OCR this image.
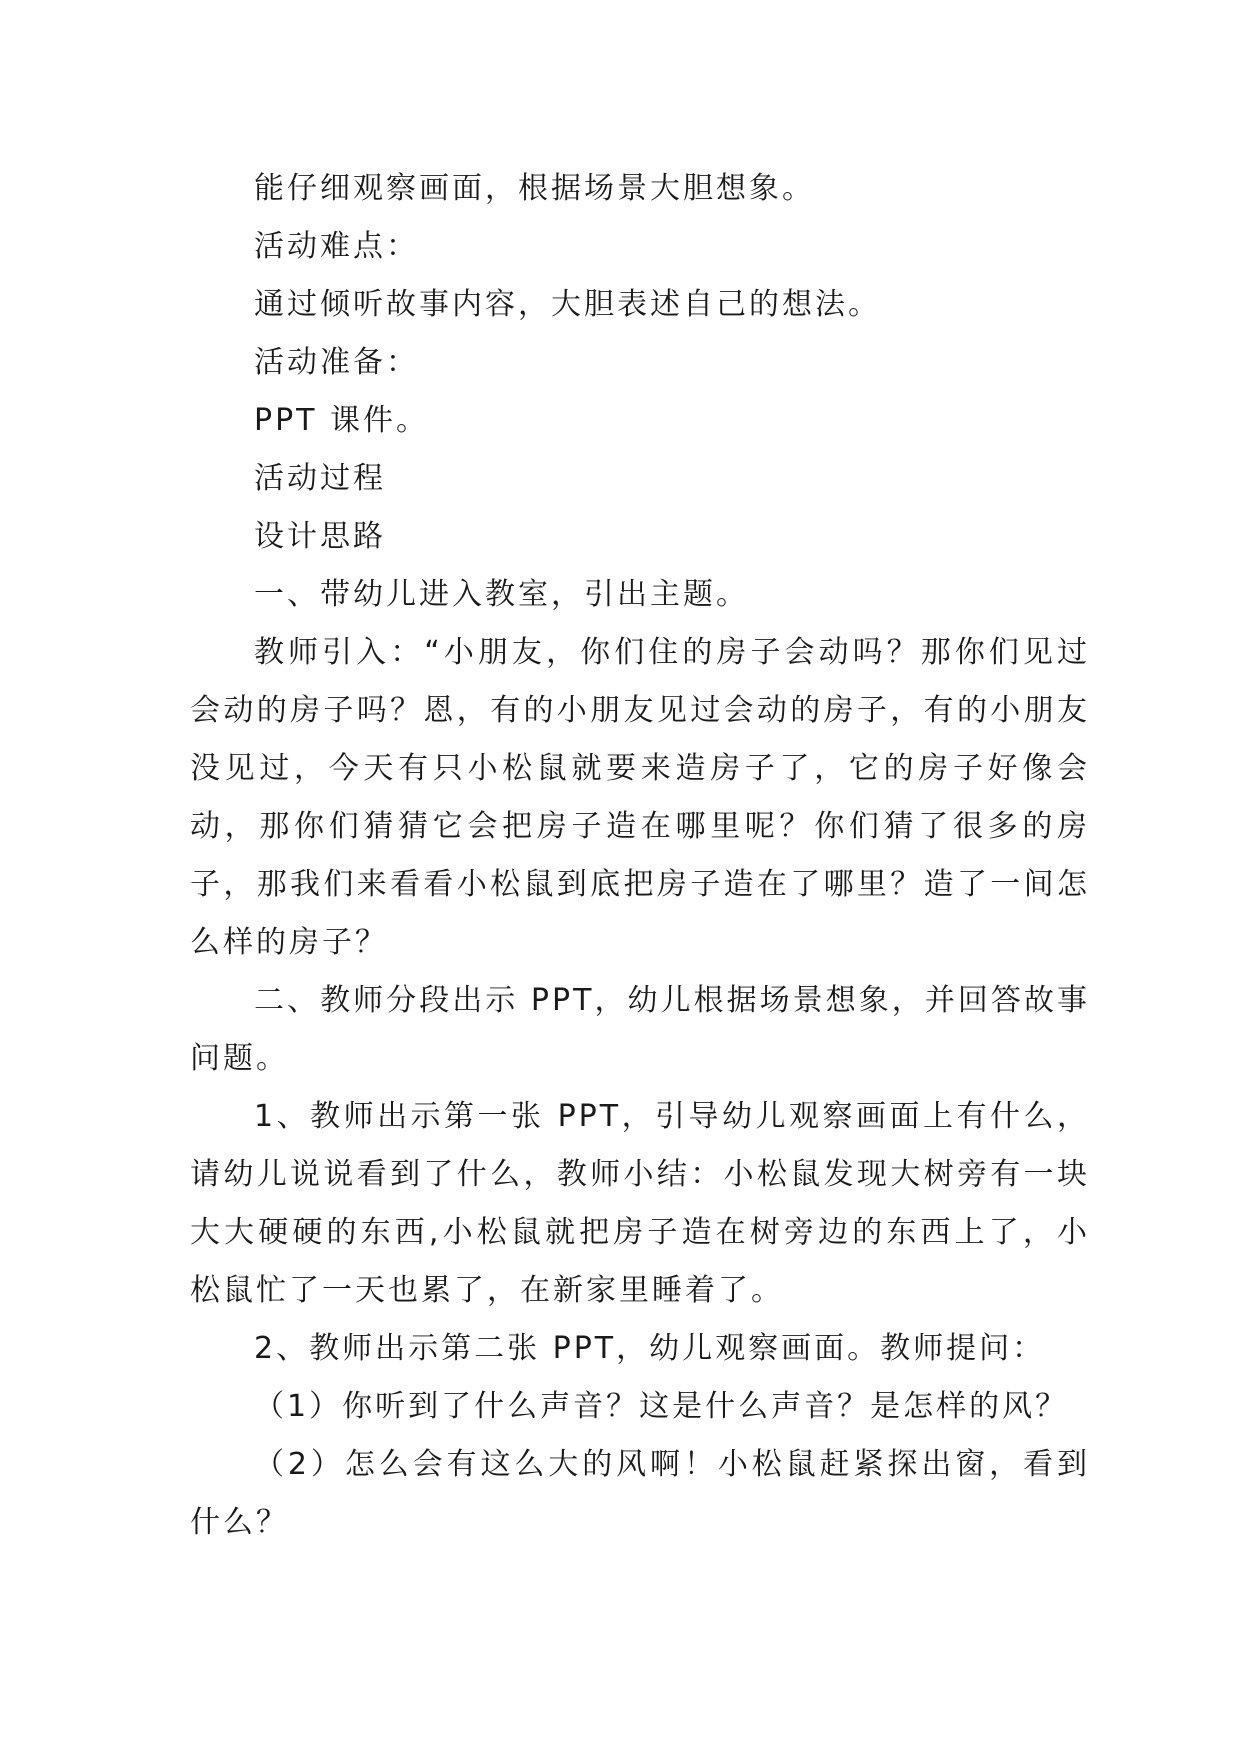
能仔细观察画面，根据场景大胆想象。

活动难点：

通过倾听故事内容，大胆表述自己的想法。

活动准备：

PPT 课件。

活动过程

设计思路

一、带幼儿进入教室，引出主题。

教师引入：“小朋友，你们住的房子会动吗？那你们见过会动的房子吗？恩，有的小朋友见过会动的房子，有的小朋友没见过，今天有只小松鼠就要来造房子了，它的房子好像会动，那你们猜猜它会把房子造在哪里呢？你们猜了很多的房子，那我们来看看小松鼠到底把房子造在了哪里？造了一间怎么样的房子？

二、教师分段出示 PPT，幼儿根据场景想象，并回答故事问题。

1、教师出示第一张 PPT，引导幼儿观察画面上有什么，请幼儿说说看到了什么，教师小结：小松鼠发现大树旁有一块大大硬硬的东西,小松鼠就把房子造在树旁边的东西上了，小松鼠忙了一天也累了，在新家里睡着了。

2、教师出示第二张 PPT，幼儿观察画面。教师提问：

（1）你听到了什么声音？这是什么声音？是怎样的风？

（2）怎么会有这么大的风啊！小松鼠赶紧探出窗，看到什么？
